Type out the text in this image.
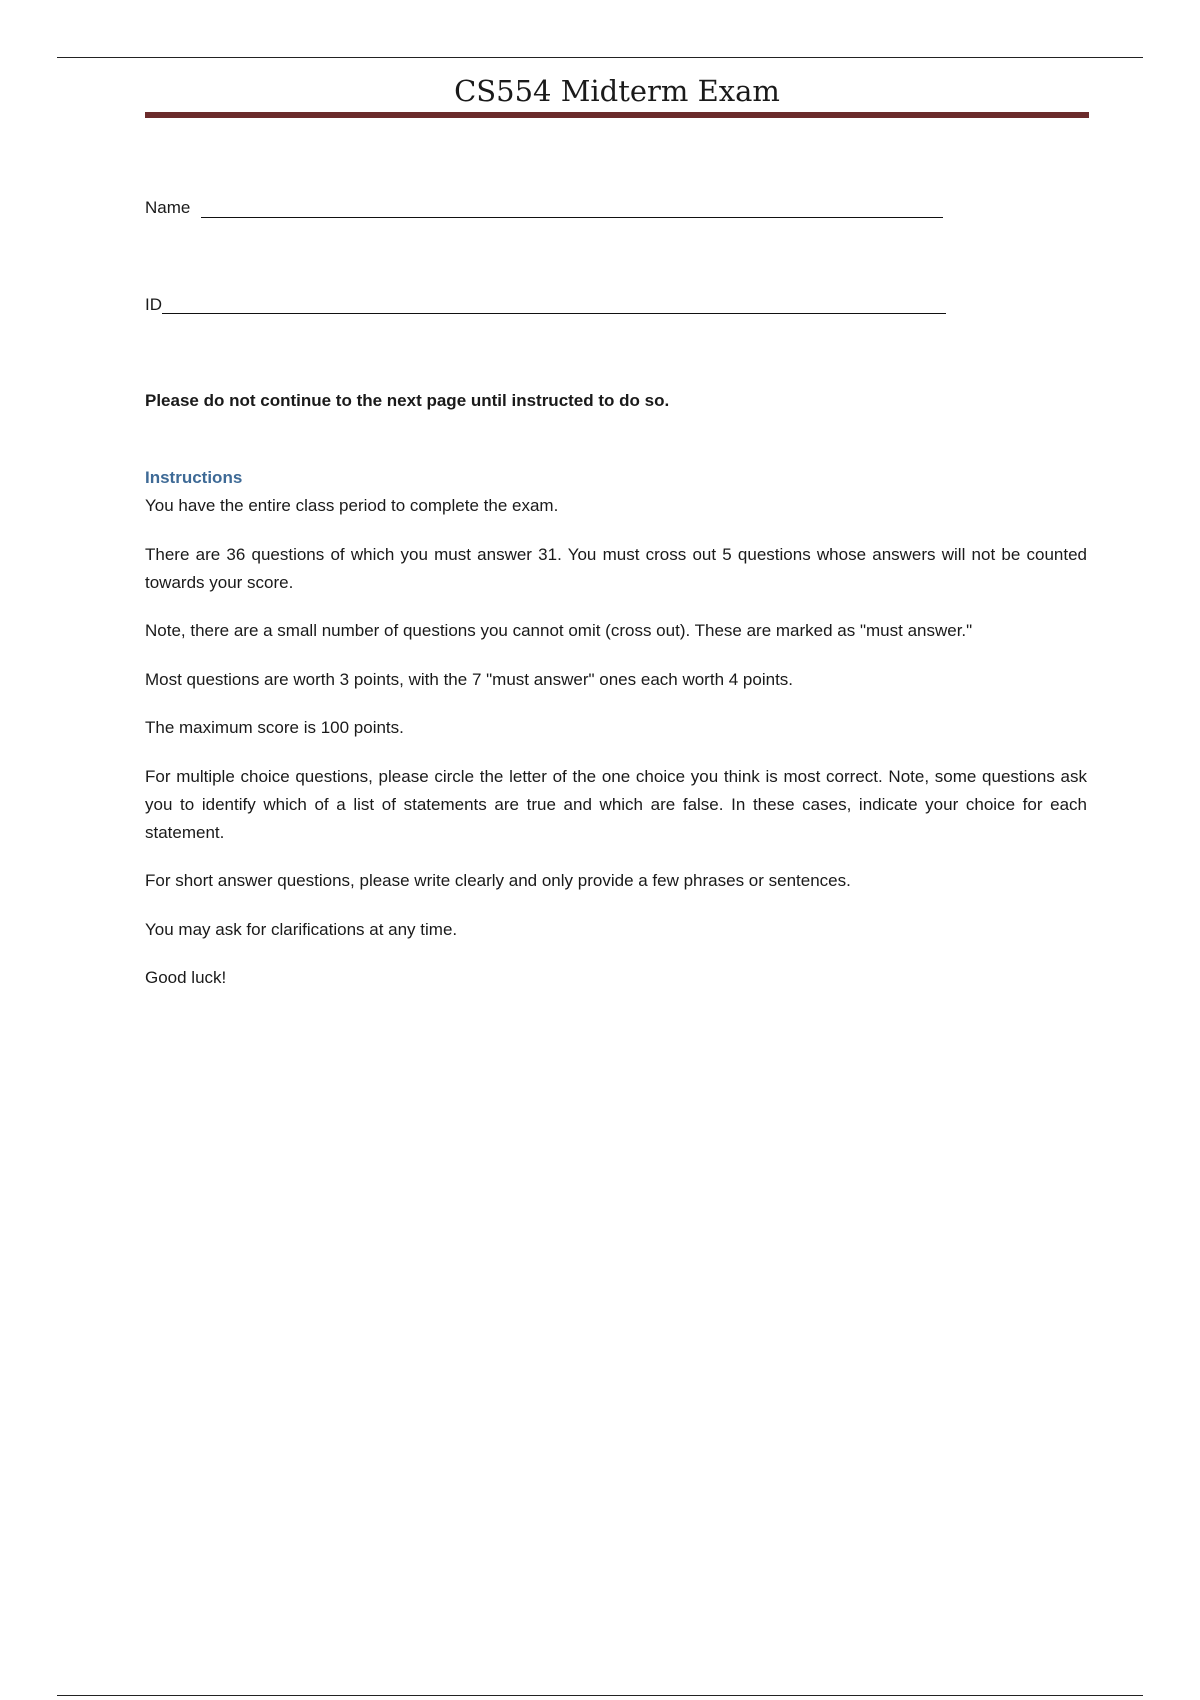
CS554 Midterm Exam
Name
ID
Please do not continue to the next page until instructed to do so.
Instructions

You have the entire class period to complete the exam.

There are 36 questions of which you must answer 31. You must cross out 5 questions whose answers will not be counted towards your score.

Note, there are a small number of questions you cannot omit (cross out). These are marked as "must answer."

Most questions are worth 3 points, with the 7 "must answer" ones each worth 4 points.

The maximum score is 100 points.

For multiple choice questions, please circle the letter of the one choice you think is most correct. Note, some questions ask you to identify which of a list of statements are true and which are false. In these cases, indicate your choice for each statement.

For short answer questions, please write clearly and only provide a few phrases or sentences.

You may ask for clarifications at any time.

Good luck!
